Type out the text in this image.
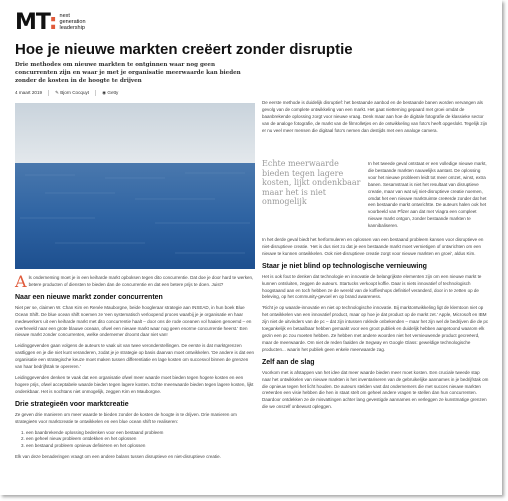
MT: next
generation
leadership
Hoe je nieuwe markten creëert zonder disruptie
Drie methodes om nieuwe markten te ontginnen waar nog geen concurrenten zijn en waar je met je organisatie meerwaarde kan bieden zonder de kosten in de hoogte te drijven
4 maart 2019	✎ Bjorn Cocquyt	◉ Getty

Als onderneming moet je in een keiharde markt opboksen tegen dito concurrentie. Dat doe je door hard te werken, betere producten of diensten te bieden dan de concurrentie en dat een betere prijs te doen. Juist?

Naar een nieuwe markt zonder concurrenten

Niet per se, claimen W. Chan Kim en Renée Mauborgne, beide hoogleraar strategie aan INSEAD, in hun boek Blue Ocean Shift. De blue ocean shift noemen ze 'een systematisch verloopend proces waarbij je je organisatie en haar medewerkers uit een keiharde markt met dito concurrentie haalt – door ons de rode oceanen vol haaien genoemd – en overheveld naar een grote blauwe oceaan, ofwel een nieuwe markt waar nog geen enorme concurrentie heerst.' Een nieuwe markt zonder concurrenten, welke ondernemer droomt daar niet van!

Leidinggevenden gaan volgens de auteurs te vaak uit van twee veronderstellingen. De eerste is dat marktgrenzen vastliggen en je die niet kunt veranderen, zodat je je strategie op basis daarvan moet ontwikkelen. 'De andere is dat een organisatie een strategische keuze moet maken tussen differentiatie en lage kosten om succesvol binnen de grenzen van haar bedrijfstak te opereren.'

Leidinggevenden denken te vaak dat een organisatie ofwel meer waarde moet bieden tegen hogere kosten en een hogere prijs, ofwel acceptabele waarde bieden tegen lagere kosten. Echte meerwaarde bieden tegen lagere kosten, lijkt ondenkbaar. Het is nochtans niet onmogelijk, zeggen Kim en Mauborgne.

Drie strategieën voor marktcreatie

Ze geven drie manieren om meer waarde te bieden zonder de kosten de hoogte in te drijven. Drie manieren om strategieën voor marktcreatie te ontwikkelen en een blue ocean shift te realiseren:

1. een baanbrekende oplossing bedenken voor een bestaand probleem
2. een geheel nieuw probleem ontdekken en het oplossen
3. een bestaand probleem opnieuw definiëren en het oplossen

Elk van deze benaderingen vraagt om een andere balans tussen disruptieve en niet-disruptieve creatie.

De eerste methode is duidelijk disruptief: het bestaande aanbod en de bestaande banen worden vervangen als gevolg van de complete ontwikkeling van een markt. Het gaat nietteming gepaard met groei omdat de baanbrekende oplossing zorgt voor nieuwe vraag. Denk maar aan hoe de digitale fotografie de klassieke sector van de analoge fotografie, de markt van de filmrolletjes en de ontwikkeling van foto's heeft opgeslokt. Tegelijk zijn er nu veel meer mensen die digitaal foto's nemen dan destijds met een analoge camera.

Echte meerwaarde bieden tegen lagere kosten, lijkt ondenkbaar maar het is niet onmogelijk

In het tweede geval ontstaat er een volledige nieuwe markt, die bestaande markten nauwelijks aantast. De oplossing voor het nieuwe probleem leidt tot meer omzet, winst, extra banen. Sesamstraat is niet het resultaat van disruptieve creatie, maar van wat wij niet-disruptieve creatie noemen, omdat het een nieuwe marktruimte creëerde zonder dat het een bestaande markt ontwrichtte. De auteurs halen ook het voorbeeld van Pfizer aan dat met Viagra een compleet nieuwe markt ontgon, zonder bestaande markten te kannibaliseren.

In het derde geval biedt het herformuleren en oplossen van een bestaand probleem kansen voor disruptieve en niet-disruptieve creatie. 'Het is dus niet zo dat je een bestaande markt moet vernietigen of ontwrichten om een nieuwe te kunnen ontwikkelen. Ook niet-disruptieve creatie zorgt voor nieuwe markten en groei', aldus Kim.

Staar je niet blind op technologische vernieuwing

Het is ook fout te denken dat technologie en innovatie de belangrijkste elementen zijn om een nieuwe markt te kunnen ontsluiten, zeggen de auteurs. Startucks verkoopt koffie. Daar is niets innovatief of technologisch hoogstaand aan en toch hebben ze de wereld van de koffieshops definitief veranderd, door in te zetten op de beleving, op het community-gevoel en op brand awareness.

'Richt je op waarde-innovatie en niet op technologische innovatie. Bij marktontwikkeling ligt de klemtoon niet op het ontwikkelen van een innovatief product, maar op hoe je dat product op de markt zet.' Apple, Microsoft en IBM zijn niet de uitvinders van de pc – dat zijn intussen roklede onbekenden – maar het zijn wel de bedrijven die de pc toegankelijk en betaalbaar hebben gemaakt voor een groot publiek en duidelijk hebben aangetoond waarom elk gezin een pc zou moeten hebben. Ze hebben met andere woorden niet het vernieuwende product gecreëerd, maar de meerwaarde. Om niet de reden faalden de Segway en Google Glass: geweldige technologische producten... waarin het publiek geen enkele meerwaarde zag.

Zelf aan de slag

Voorkom met is afstappen van het idee dat meer waarde bieden meer moet kosten. Een cruciale tweede stap naar het ontwikkelen van nieuwe markten is het inventariseren van de gebruikelijke aannames in je bedrijfstak om die opnieuw tegen het licht houden. De auteurs stelden vast dat ondernemers die met succes nieuwe markten creëerden een visie hebben die hen in staat stelt om geheel andere vragen te stellen dan hun concurrenten. Daardoor ontdekken ze de misvattingen achter lang gevestigde aannames en verleggen ze kunstmatige grenzen die we onszelf onbewust opleggen.
